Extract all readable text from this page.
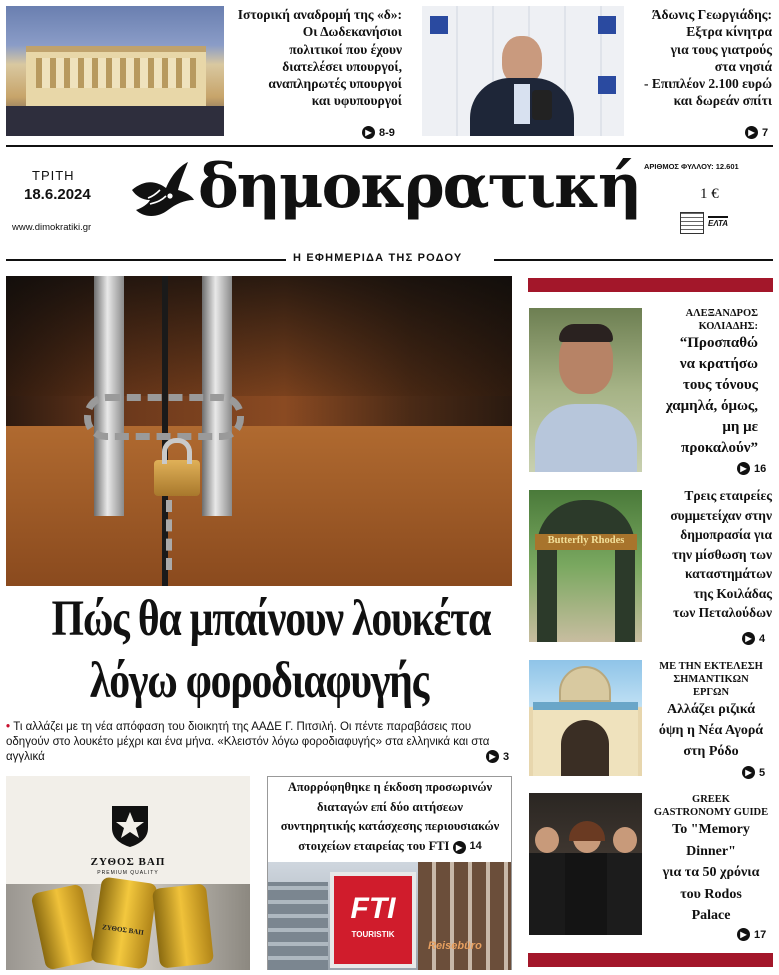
Ιστορική αναδρομή της «δ»:
Οι Δωδεκανήσιοι
πολιτικοί που έχουν
διατελέσει υπουργοί,
αναπληρωτές υπουργοί
και υφυπουργοί
▶ 8-9
Άδωνις Γεωργιάδης:
Εξτρα κίνητρα
για τους γιατρούς
στα νησιά
- Επιπλέον 2.100 ευρώ
και δωρεάν σπίτι
▶ 7
ΤΡΙΤΗ
18.6.2024
www.dimokratiki.gr
δημοκρατική ΑΡΙΘΜΟΣ ΦΥΛΛΟΥ: 12.601
1 €
ΕΛΤΑ
Η ΕΦΗΜΕΡΙΔΑ ΤΗΣ ΡΟΔΟΥ
Πώς θα μπαίνουν λουκέτα
λόγω φοροδιαφυγής
• Τι αλλάζει με τη νέα απόφαση του διοικητή της ΑΑΔΕ Γ. Πιτσιλή. Οι πέντε παραβάσεις που οδηγούν στο λουκέτο μέχρι και ένα μήνα. «Κλειστόν λόγω φοροδιαφυγής» στα ελληνικά και στα αγγλικά	▶ 3
ΖΥΘΟΣ ΒΑΠ
PREMIUM QUALITY
ΖΥΘΟΣ ΒΑΠ
Απορρόφηθηκε η έκδοση προσωρινών
διαταγών επί δύο αιτήσεων
συντηρητικής κατάσχεσης περιουσιακών
στοιχείων εταιρείας του FTI ▶ 14
FTI
TOURISTIK
Reisebüro
ΑΛΕΞΑΝΔΡΟΣ
ΚΟΛΙΑΔΗΣ:
“Προσπαθώ
να κρατήσω
τους τόνους
χαμηλά, όμως,
μη με
προκαλούν”
▶ 16
Butterfly Rhodes
Τρεις εταιρείες
συμμετείχαν στην
δημοπρασία για
την μίσθωση των
καταστημάτων
της Κοιλάδας
των Πεταλούδων
▶ 4
ΜΕ ΤΗΝ ΕΚΤΕΛΕΣΗ
ΣΗΜΑΝΤΙΚΩΝ
ΕΡΓΩΝ
Αλλάζει ριζικά
όψη η Νέα Αγορά
στη Ρόδο
▶ 5
GREEK
GASTRONOMY GUIDE
Το "Memory
Dinner"
για τα 50 χρόνια
του Rodos
Palace
▶ 17
